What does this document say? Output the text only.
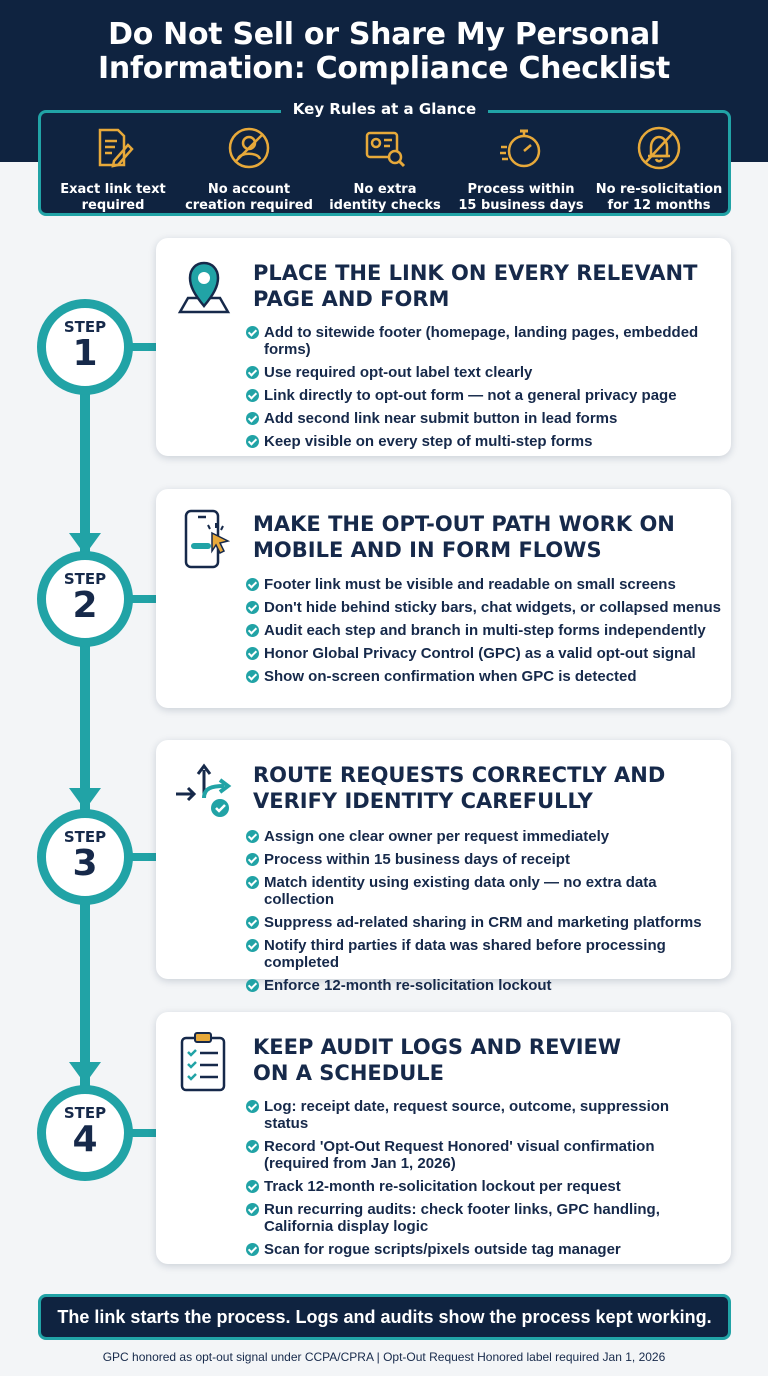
Do Not Sell or Share My Personal
Information: Compliance Checklist
Key Rules at a Glance
Exact link text
required
No account
creation required
No extra
identity checks
Process within
15 business days
No re-solicitation
for 12 months
STEP
1
STEP
2
STEP
3
STEP
4
PLACE THE LINK ON EVERY RELEVANT
PAGE AND FORM
Add to sitewide footer (homepage, landing pages, embedded forms)
Use required opt-out label text clearly
Link directly to opt-out form — not a general privacy page
Add second link near submit button in lead forms
Keep visible on every step of multi-step forms
MAKE THE OPT-OUT PATH WORK ON
MOBILE AND IN FORM FLOWS
Footer link must be visible and readable on small screens
Don't hide behind sticky bars, chat widgets, or collapsed menus
Audit each step and branch in multi-step forms independently
Honor Global Privacy Control (GPC) as a valid opt-out signal
Show on-screen confirmation when GPC is detected
ROUTE REQUESTS CORRECTLY AND
VERIFY IDENTITY CAREFULLY
Assign one clear owner per request immediately
Process within 15 business days of receipt
Match identity using existing data only — no extra data collection
Suppress ad-related sharing in CRM and marketing platforms
Notify third parties if data was shared before processing completed
Enforce 12-month re-solicitation lockout
KEEP AUDIT LOGS AND REVIEW
ON A SCHEDULE
Log: receipt date, request source, outcome, suppression status
Record 'Opt-Out Request Honored' visual confirmation (required from Jan 1, 2026)
Track 12-month re-solicitation lockout per request
Run recurring audits: check footer links, GPC handling, California display logic
Scan for rogue scripts/pixels outside tag manager
The link starts the process. Logs and audits show the process kept working.
GPC honored as opt-out signal under CCPA/CPRA | Opt-Out Request Honored label required Jan 1, 2026
